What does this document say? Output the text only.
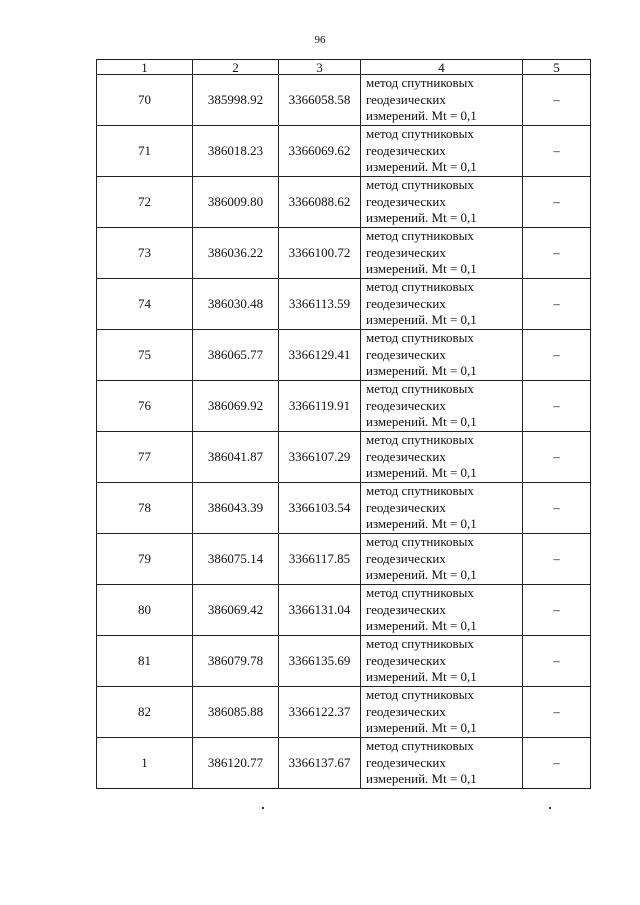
96
1	2	3	4	5
70	385998.92	3366058.58	метод спутниковых
геодезических
измерений. Mt = 0,1	–
71	386018.23	3366069.62	метод спутниковых
геодезических
измерений. Mt = 0,1	–
72	386009.80	3366088.62	метод спутниковых
геодезических
измерений. Mt = 0,1	–
73	386036.22	3366100.72	метод спутниковых
геодезических
измерений. Mt = 0,1	–
74	386030.48	3366113.59	метод спутниковых
геодезических
измерений. Mt = 0,1	–
75	386065.77	3366129.41	метод спутниковых
геодезических
измерений. Mt = 0,1	–
76	386069.92	3366119.91	метод спутниковых
геодезических
измерений. Mt = 0,1	–
77	386041.87	3366107.29	метод спутниковых
геодезических
измерений. Mt = 0,1	–
78	386043.39	3366103.54	метод спутниковых
геодезических
измерений. Mt = 0,1	–
79	386075.14	3366117.85	метод спутниковых
геодезических
измерений. Mt = 0,1	–
80	386069.42	3366131.04	метод спутниковых
геодезических
измерений. Mt = 0,1	–
81	386079.78	3366135.69	метод спутниковых
геодезических
измерений. Mt = 0,1	–
82	386085.88	3366122.37	метод спутниковых
геодезических
измерений. Mt = 0,1	–
1	386120.77	3366137.67	метод спутниковых
геодезических
измерений. Mt = 0,1	–
